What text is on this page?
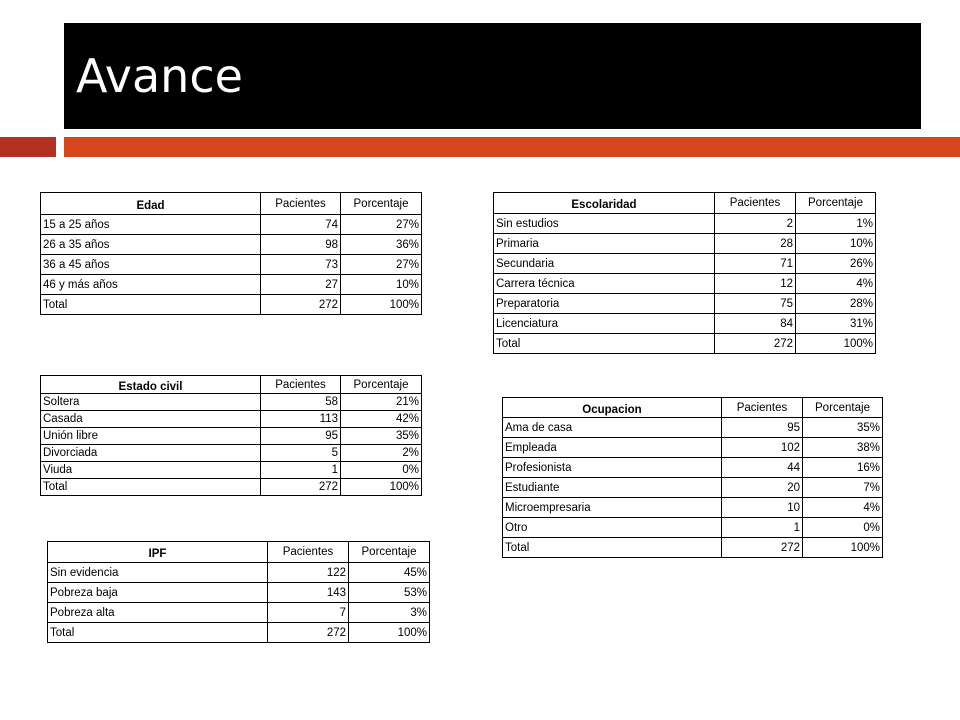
Avance
Edad	Pacientes	Porcentaje
15 a 25 años	74	27%
26 a 35 años	98	36%
36 a 45 años	73	27%
46 y más años	27	10%
Total	272	100%
Escolaridad	Pacientes	Porcentaje
Sin estudios	2	1%
Primaria	28	10%
Secundaria	71	26%
Carrera técnica	12	4%
Preparatoria	75	28%
Licenciatura	84	31%
Total	272	100%
Estado civil	Pacientes	Porcentaje
Soltera	58	21%
Casada	113	42%
Unión libre	95	35%
Divorciada	5	2%
Viuda	1	0%
Total	272	100%
Ocupacion	Pacientes	Porcentaje
Ama de casa	95	35%
Empleada	102	38%
Profesionista	44	16%
Estudiante	20	7%
Microempresaria	10	4%
Otro	1	0%
Total	272	100%
IPF	Pacientes	Porcentaje
Sin evidencia	122	45%
Pobreza baja	143	53%
Pobreza alta	7	3%
Total	272	100%
